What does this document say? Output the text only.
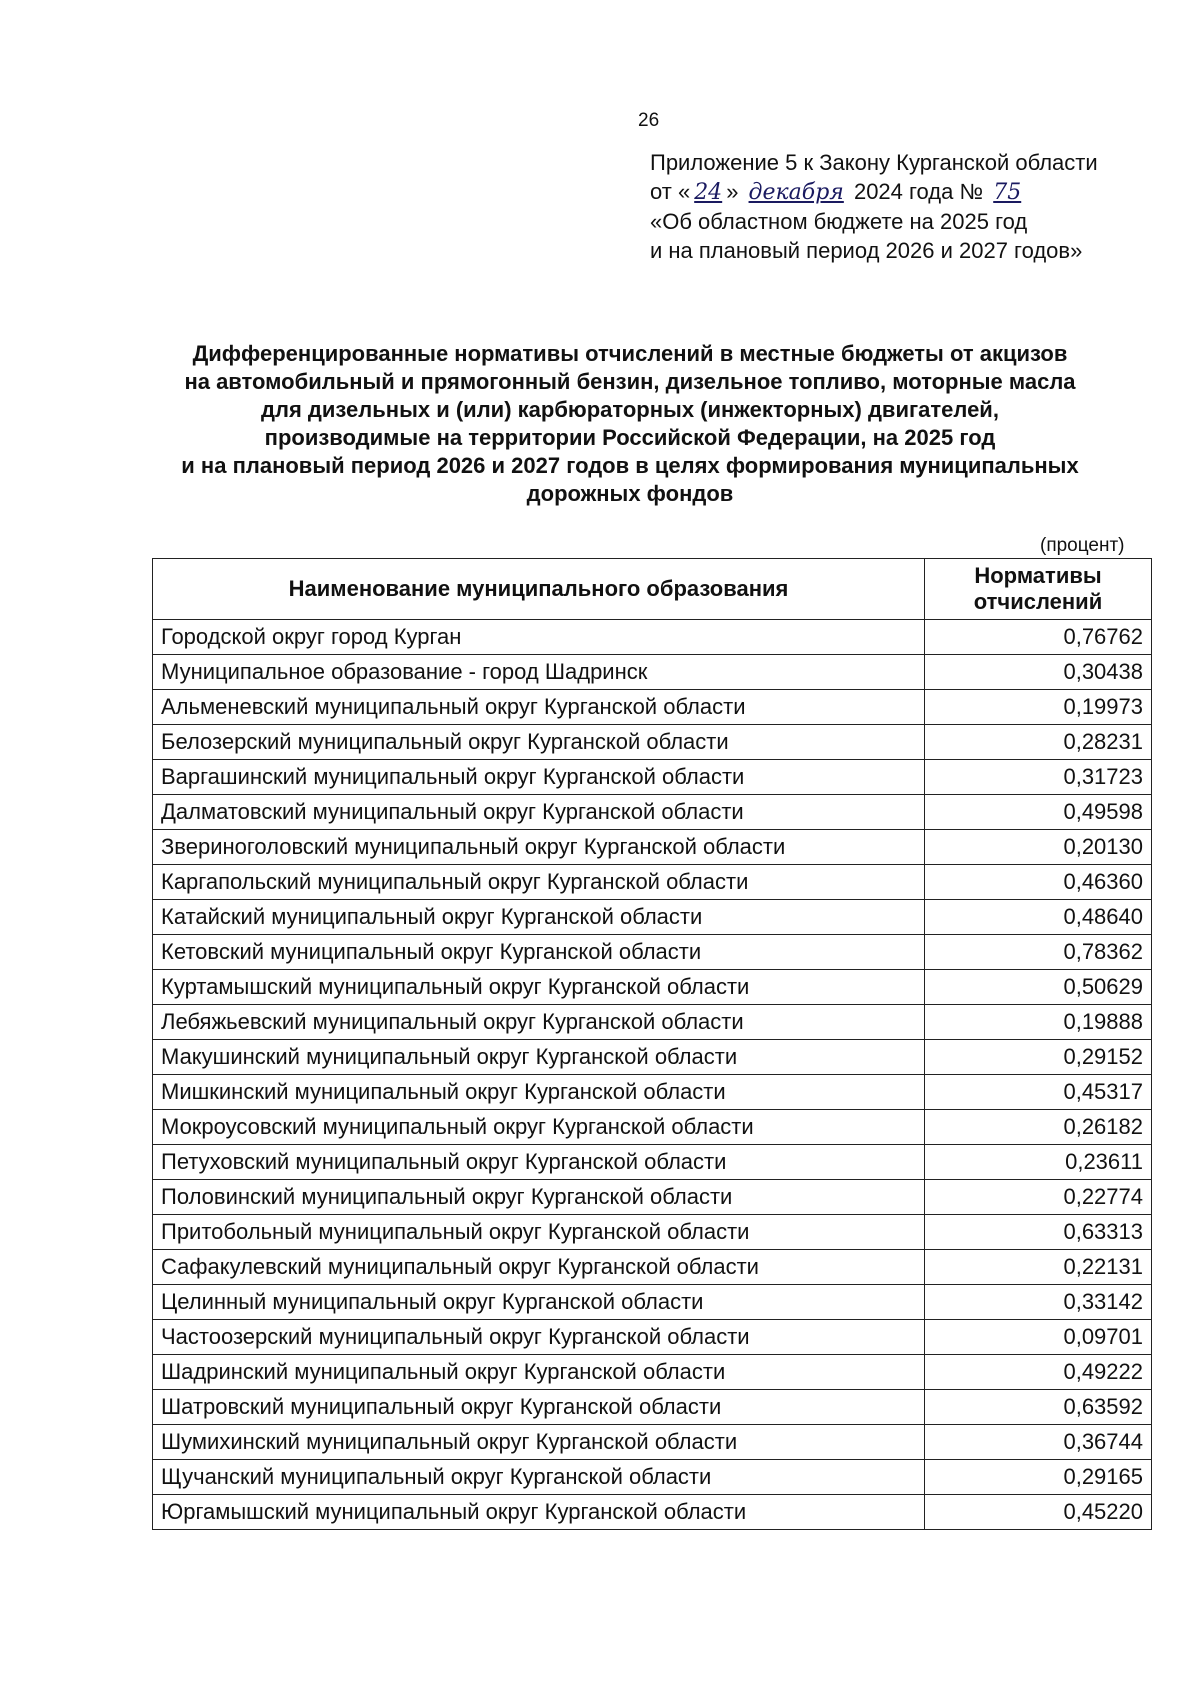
26
Приложение 5 к Закону Курганской области
от « 24 » декабря 2024 года № 75
«Об областном бюджете на 2025 год
и на плановый период 2026 и 2027 годов»
Дифференцированные нормативы отчислений в местные бюджеты от акцизов
на автомобильный и прямогонный бензин, дизельное топливо, моторные масла
для дизельных и (или) карбюраторных (инжекторных) двигателей,
производимые на территории Российской Федерации, на 2025 год
и на плановый период 2026 и 2027 годов в целях формирования муниципальных
дорожных фондов
(процент)
Наименование муниципального образования	Нормативы отчислений
Городской округ город Курган	0,76762
Муниципальное образование - город Шадринск	0,30438
Альменевский муниципальный округ Курганской области	0,19973
Белозерский муниципальный округ Курганской области	0,28231
Варгашинский муниципальный округ Курганской области	0,31723
Далматовский муниципальный округ Курганской области	0,49598
Звериноголовский муниципальный округ Курганской области	0,20130
Каргапольский муниципальный округ Курганской области	0,46360
Катайский муниципальный округ Курганской области	0,48640
Кетовский муниципальный округ Курганской области	0,78362
Куртамышский муниципальный округ Курганской области	0,50629
Лебяжьевский муниципальный округ Курганской области	0,19888
Макушинский муниципальный округ Курганской области	0,29152
Мишкинский муниципальный округ Курганской области	0,45317
Мокроусовский муниципальный округ Курганской области	0,26182
Петуховский муниципальный округ Курганской области	0,23611
Половинский муниципальный округ Курганской области	0,22774
Притобольный муниципальный округ Курганской области	0,63313
Сафакулевский муниципальный округ Курганской области	0,22131
Целинный муниципальный округ Курганской области	0,33142
Частоозерский муниципальный округ Курганской области	0,09701
Шадринский муниципальный округ Курганской области	0,49222
Шатровский муниципальный округ Курганской области	0,63592
Шумихинский муниципальный округ Курганской области	0,36744
Щучанский муниципальный округ Курганской области	0,29165
Юргамышский муниципальный округ Курганской области	0,45220
